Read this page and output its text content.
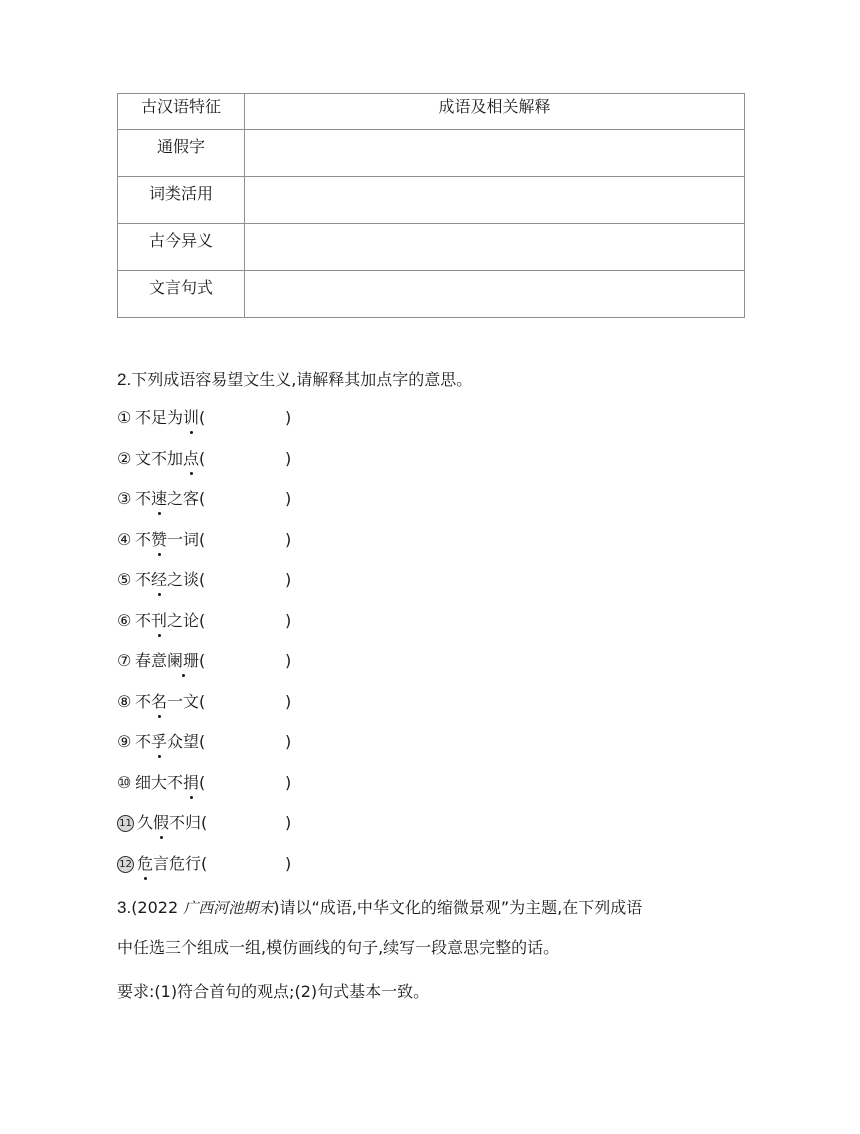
古汉语特征	成语及相关解释
通假字	
词类活用	
古今异义	
文言句式	
2.下列成语容易望文生义,请解释其加点字的意思。
① 不足为训(	)
② 文不加点(	)
③ 不速之客(	)
④ 不赞一词(	)
⑤ 不经之谈(	)
⑥ 不刊之论(	)
⑦ 春意阑珊(	)
⑧ 不名一文(	)
⑨ 不孚众望(	)
⑩ 细大不捐(	)
11 久假不归(	)
12 危言危行(	)
3.(2022 广西河池期末)请以“成语,中华文化的缩微景观”为主题,在下列成语
中任选三个组成一组,模仿画线的句子,续写一段意思完整的话。
要求:(1)符合首句的观点;(2)句式基本一致。
